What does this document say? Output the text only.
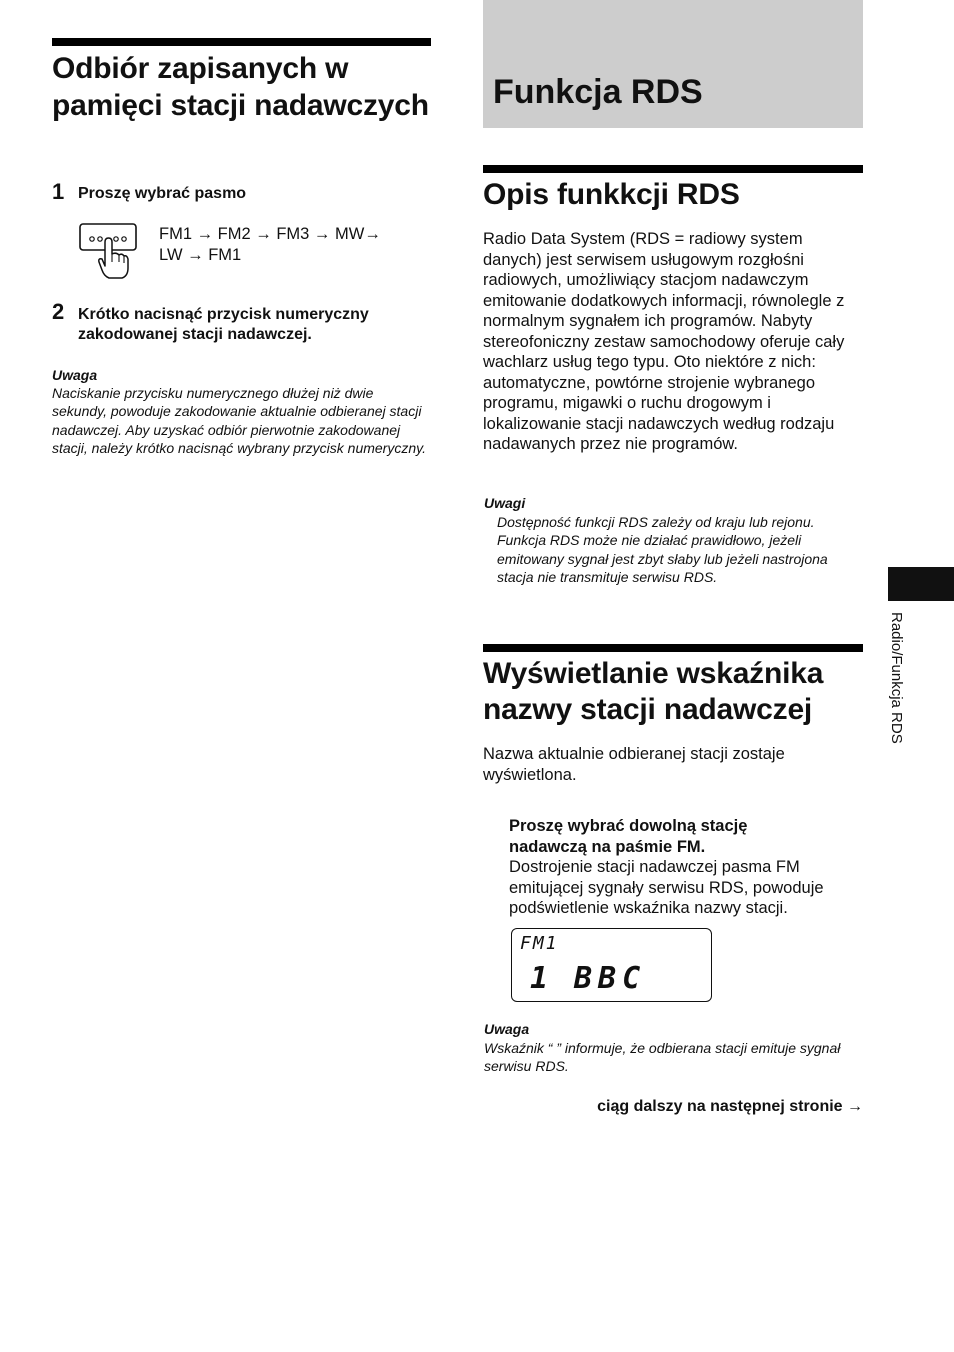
Odbiór zapisanych w pamięci stacji nadawczych
1 Proszę wybrać pasmo
FM1 → FM2 → FM3 → MW→
LW → FM1
2 Krótko nacisnąć przycisk numeryczny zakodowanej stacji nadawczej.
Uwaga
Naciskanie przycisku numerycznego dłużej niż dwie sekundy, powoduje zakodowanie aktualnie odbieranej stacji nadawczej. Aby uzyskać odbiór pierwotnie zakodowanej stacji, należy krótko nacisnąć wybrany przycisk numeryczny.
Funkcja RDS
Opis funkkcji RDS
Radio Data System (RDS = radiowy system danych) jest serwisem usługowym rozgłośni radiowych, umożliwiący stacjom nadawczym emitowanie dodatkowych informacji, równolegle z normalnym sygnałem ich programów. Nabyty stereofoniczny zestaw samochodowy oferuje cały wachlarz usług tego typu. Oto niektóre z nich: automatyczne, powtórne strojenie wybranego programu, migawki o ruchu drogowym i lokalizowanie stacji nadawczych według rodzaju nadawanych przez nie programów.
Uwagi
Dostępność funkcji RDS zależy od kraju lub rejonu. Funkcja RDS może nie działać prawidłowo, jeżeli emitowany sygnał jest zbyt słaby lub jeżeli nastrojona stacja nie transmituje serwisu RDS.
Wyświetlanie wskaźnika nazwy stacji nadawczej
Nazwa aktualnie odbieranej stacji zostaje wyświetlona.
Proszę wybrać dowolną stację nadawczą na paśmie FM.
Dostrojenie stacji nadawczej pasma FM emitującej sygnały serwisu RDS, powoduje podświetlenie wskaźnika nazwy stacji.
FM1
1 BBC
Uwaga
Wskaźnik “ ” informuje, że odbierana stacji emituje sygnał serwisu RDS.
ciąg dalszy na następnej stronie →
Radio/Funkcja RDS
